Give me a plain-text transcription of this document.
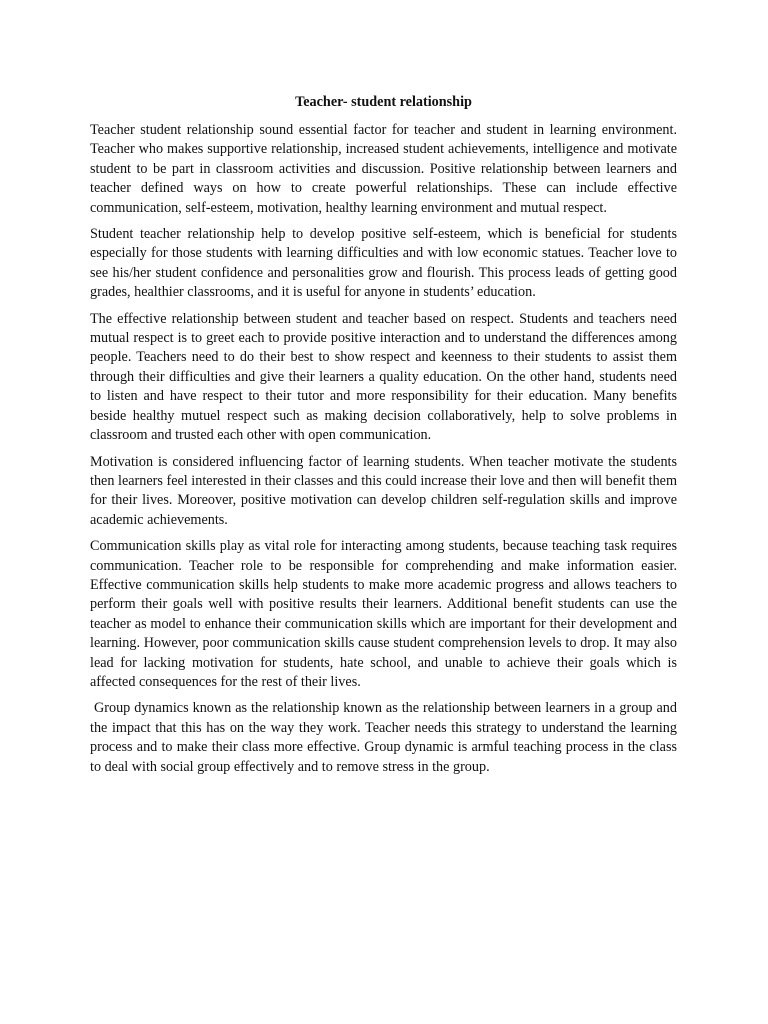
Teacher- student relationship

Teacher student relationship sound essential factor for teacher and student in learning environment. Teacher who makes supportive relationship, increased student achievements, intelligence and motivate student to be part in classroom activities and discussion. Positive relationship between learners and teacher defined ways on how to create powerful relationships. These can include effective communication, self-esteem, motivation, healthy learning environment and mutual respect.

Student teacher relationship help to develop positive self-esteem, which is beneficial for students especially for those students with learning difficulties and with low economic statues. Teacher love to see his/her student confidence and personalities grow and flourish. This process leads of getting good grades, healthier classrooms, and it is useful for anyone in students’ education.

The effective relationship between student and teacher based on respect. Students and teachers need mutual respect is to greet each to provide positive interaction and to understand the differences among people. Teachers need to do their best to show respect and keenness to their students to assist them through their difficulties and give their learners a quality education. On the other hand, students need to listen and have respect to their tutor and more responsibility for their education. Many benefits beside healthy mutuel respect such as making decision collaboratively, help to solve problems in classroom and trusted each other with open communication.

Motivation is considered influencing factor of learning students. When teacher motivate the students then learners feel interested in their classes and this could increase their love and then will benefit them for their lives. Moreover, positive motivation can develop children self-regulation skills and improve academic achievements.

Communication skills play as vital role for interacting among students, because teaching task requires communication. Teacher role to be responsible for comprehending and make information easier. Effective communication skills help students to make more academic progress and allows teachers to perform their goals well with positive results their learners. Additional benefit students can use the teacher as model to enhance their communication skills which are important for their development and learning. However, poor communication skills cause student comprehension levels to drop. It may also lead for lacking motivation for students, hate school, and unable to achieve their goals which is affected consequences for the rest of their lives.

Group dynamics known as the relationship known as the relationship between learners in a group and the impact that this has on the way they work. Teacher needs this strategy to understand the learning process and to make their class more effective. Group dynamic is armful teaching process in the class to deal with social group effectively and to remove stress in the group.
